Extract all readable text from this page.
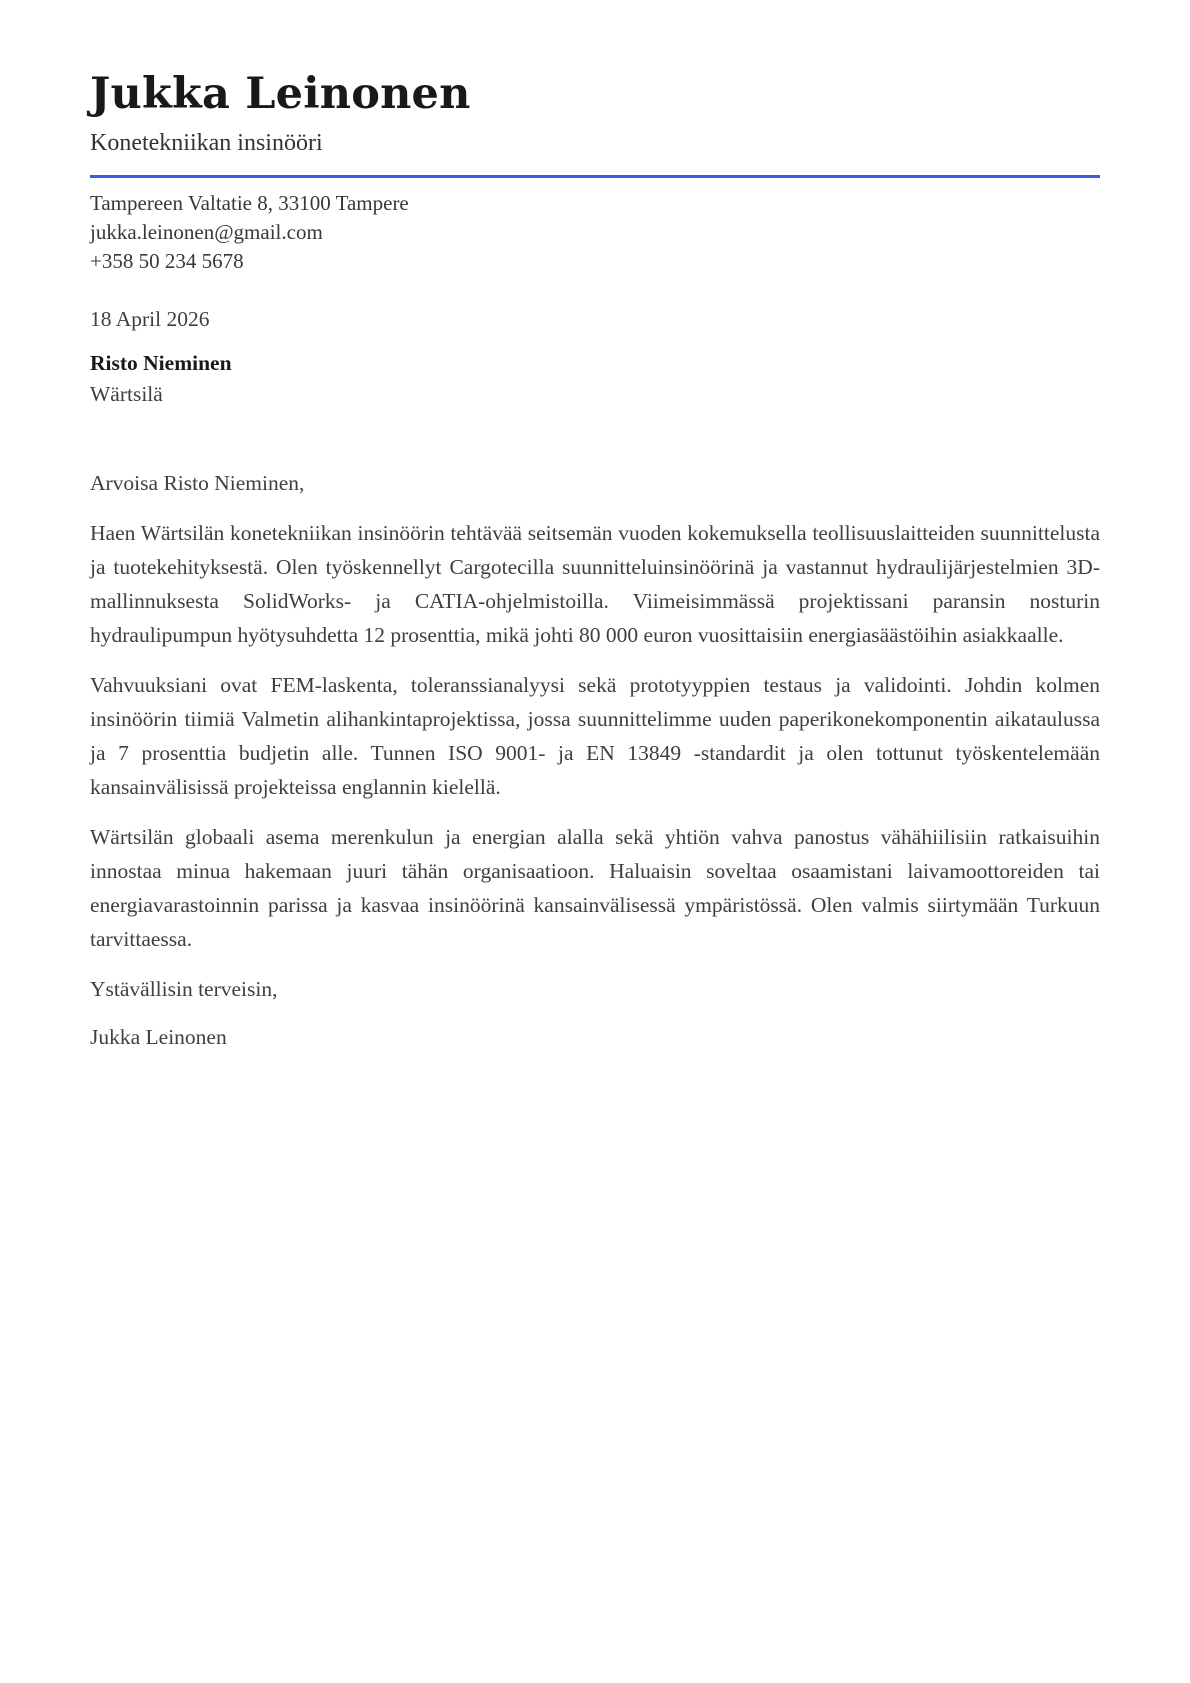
Jukka Leinonen
Konetekniikan insinööri
Tampereen Valtatie 8, 33100 Tampere
jukka.leinonen@gmail.com
+358 50 234 5678
18 April 2026
Risto Nieminen
Wärtsilä

Arvoisa Risto Nieminen,

Haen Wärtsilän konetekniikan insinöörin tehtävää seitsemän vuoden kokemuksella teollisuuslaitteiden suunnittelusta ja tuotekehityksestä. Olen työskennellyt Cargotecilla suunnitteluinsinöörinä ja vastannut hydraulijärjestelmien 3D-mallinnuksesta SolidWorks- ja CATIA-ohjelmistoilla. Viimeisimmässä projektissani paransin nosturin hydraulipumpun hyötysuhdetta 12 prosenttia, mikä johti 80 000 euron vuosittaisiin energiasäästöihin asiakkaalle.

Vahvuuksiani ovat FEM-laskenta, toleranssianalyysi sekä prototyyppien testaus ja validointi. Johdin kolmen insinöörin tiimiä Valmetin alihankintaprojektissa, jossa suunnittelimme uuden paperikonekomponentin aikataulussa ja 7 prosenttia budjetin alle. Tunnen ISO 9001- ja EN 13849 -standardit ja olen tottunut työskentelemään kansainvälisissä projekteissa englannin kielellä.

Wärtsilän globaali asema merenkulun ja energian alalla sekä yhtiön vahva panostus vähähiilisiin ratkaisuihin innostaa minua hakemaan juuri tähän organisaatioon. Haluaisin soveltaa osaamistani laivamoottoreiden tai energiavarastoinnin parissa ja kasvaa insinöörinä kansainvälisessä ympäristössä. Olen valmis siirtymään Turkuun tarvittaessa.

Ystävällisin terveisin,

Jukka Leinonen
